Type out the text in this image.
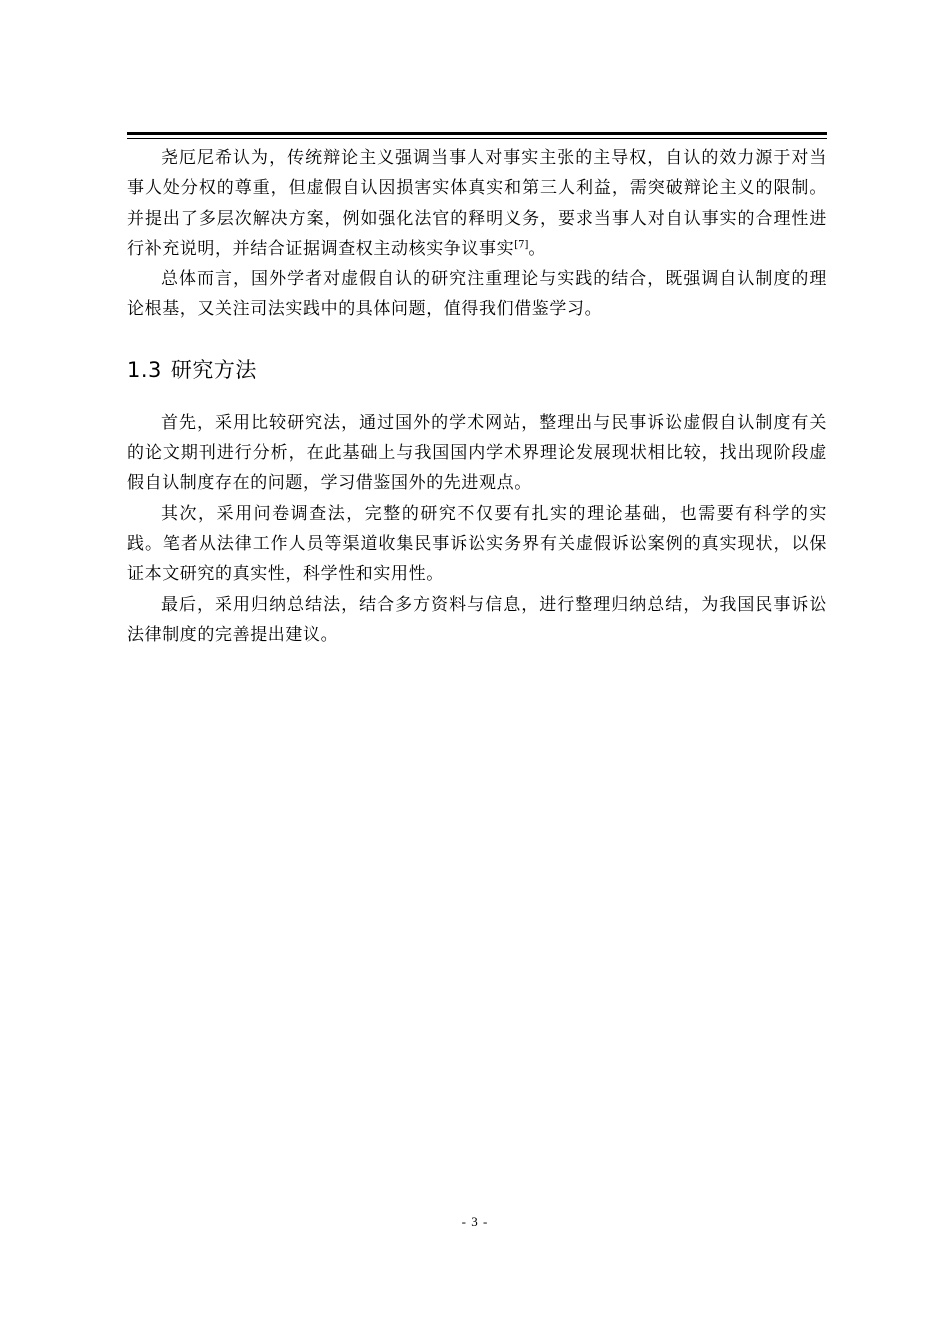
尧厄尼希认为，传统辩论主义强调当事人对事实主张的主导权，自认的效力源于对当事人处分权的尊重，但虚假自认因损害实体真实和第三人利益，需突破辩论主义的限制。并提出了多层次解决方案，例如强化法官的释明义务，要求当事人对自认事实的合理性进行补充说明，并结合证据调查权主动核实争议事实[7]。

总体而言，国外学者对虚假自认的研究注重理论与实践的结合，既强调自认制度的理论根基，又关注司法实践中的具体问题，值得我们借鉴学习。

1.3 研究方法

首先，采用比较研究法，通过国外的学术网站，整理出与民事诉讼虚假自认制度有关的论文期刊进行分析，在此基础上与我国国内学术界理论发展现状相比较，找出现阶段虚假自认制度存在的问题，学习借鉴国外的先进观点。

其次，采用问卷调查法，完整的研究不仅要有扎实的理论基础，也需要有科学的实践。笔者从法律工作人员等渠道收集民事诉讼实务界有关虚假诉讼案例的真实现状，以保证本文研究的真实性，科学性和实用性。

最后，采用归纳总结法，结合多方资料与信息，进行整理归纳总结，为我国民事诉讼法律制度的完善提出建议。

- 3 -
